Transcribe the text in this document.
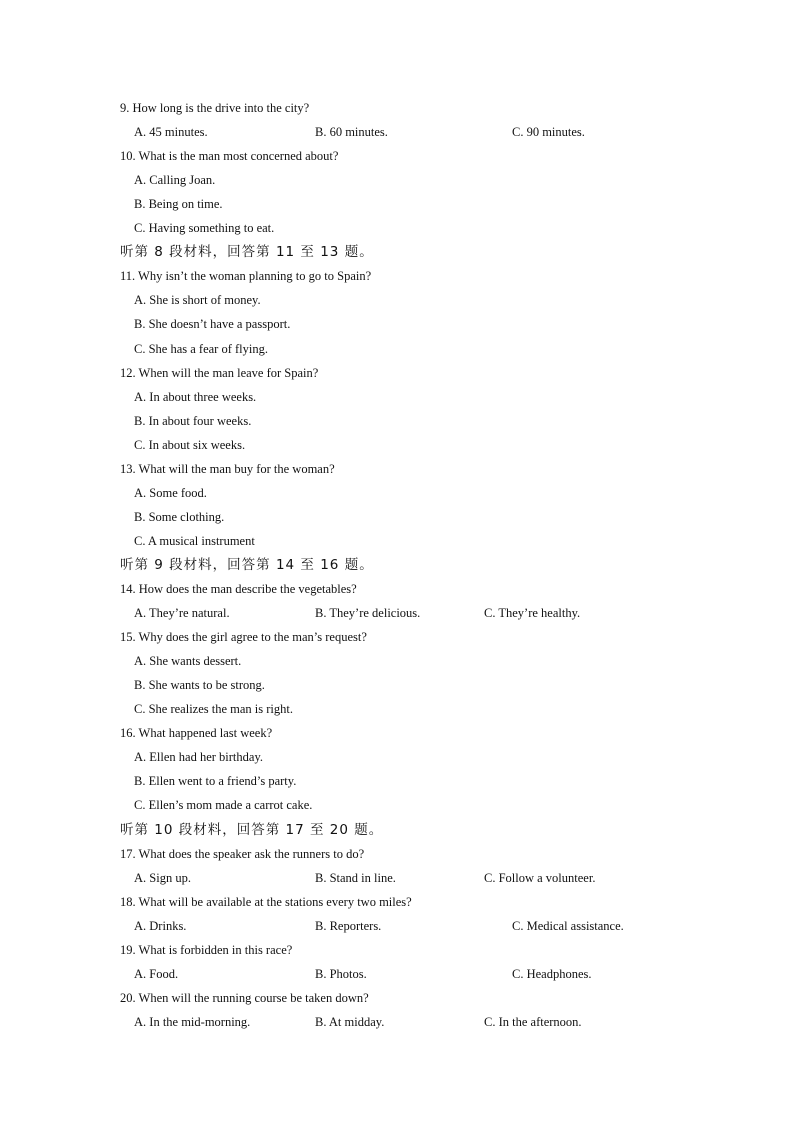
9. How long is the drive into the city?
A. 45 minutes.	B. 60 minutes.	C. 90 minutes.
10. What is the man most concerned about?
A. Calling Joan.
B. Being on time.
C. Having something to eat.
听第 8 段材料，回答第 11 至 13 题。
11. Why isn’t the woman planning to go to Spain?
A. She is short of money.
B. She doesn’t have a passport.
C. She has a fear of flying.
12. When will the man leave for Spain?
A. In about three weeks.
B. In about four weeks.
C. In about six weeks.
13. What will the man buy for the woman?
A. Some food.
B. Some clothing.
C. A musical instrument
听第 9 段材料，回答第 14 至 16 题。
14. How does the man describe the vegetables?
A. They’re natural.	B. They’re delicious.	C. They’re healthy.
15. Why does the girl agree to the man’s request?
A. She wants dessert.
B. She wants to be strong.
C. She realizes the man is right.
16. What happened last week?
A. Ellen had her birthday.
B. Ellen went to a friend’s party.
C. Ellen’s mom made a carrot cake.
听第 10 段材料，回答第 17 至 20 题。
17. What does the speaker ask the runners to do?
A. Sign up.	B. Stand in line.	C. Follow a volunteer.
18. What will be available at the stations every two miles?
A. Drinks.	B. Reporters.	C. Medical assistance.
19. What is forbidden in this race?
A. Food.	B. Photos.	C. Headphones.
20. When will the running course be taken down?
A. In the mid-morning.	B. At midday.	C. In the afternoon.
